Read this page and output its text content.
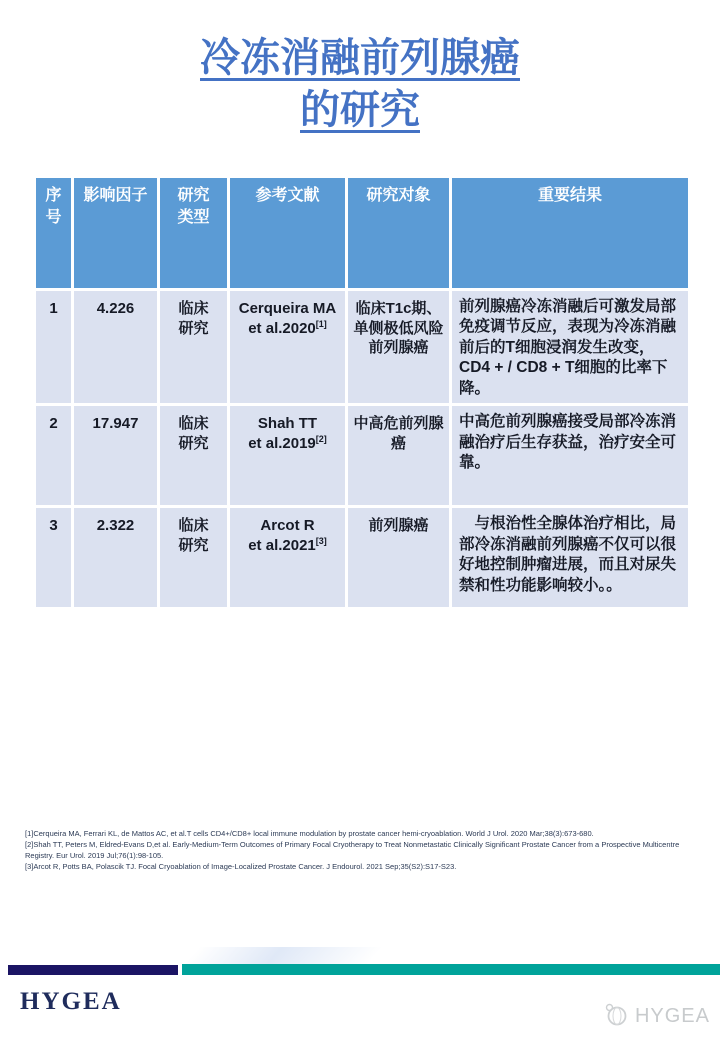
冷冻消融前列腺癌
的研究
序号	影响因子	研究类型	参考文献	研究对象	重要结果
1	4.226	临床研究	Cerqueira MA
et al.2020[1]	临床T1c期、单侧极低风险前列腺癌	前列腺癌冷冻消融后可激发局部免疫调节反应，表现为冷冻消融前后的T细胞浸润发生改变，CD4 + / CD8 + T细胞的比率下降。
2	17.947	临床研究	Shah TT
et al.2019[2]	中高危前列腺癌	中高危前列腺癌接受局部冷冻消融治疗后生存获益，治疗安全可靠。
3	2.322	临床研究	Arcot R
et al.2021[3]	前列腺癌	　与根治性全腺体治疗相比，局部冷冻消融前列腺癌不仅可以很好地控制肿瘤进展，而且对尿失禁和性功能影响较小。。
[1]Cerqueira MA, Ferrari KL, de Mattos AC, et al.T cells CD4+/CD8+ local immune modulation by prostate cancer hemi-cryoablation. World J Urol. 2020 Mar;38(3):673-680.
[2]Shah TT, Peters M, Eldred-Evans D,et al. Early-Medium-Term Outcomes of Primary Focal Cryotherapy to Treat Nonmetastatic Clinically Significant Prostate Cancer from a Prospective Multicentre Registry. Eur Urol. 2019 Jul;76(1):98-105.
[3]Arcot R, Potts BA, Polascik TJ. Focal Cryoablation of Image-Localized Prostate Cancer. J Endourol. 2021 Sep;35(S2):S17-S23.
HYGEA
HYGEA
